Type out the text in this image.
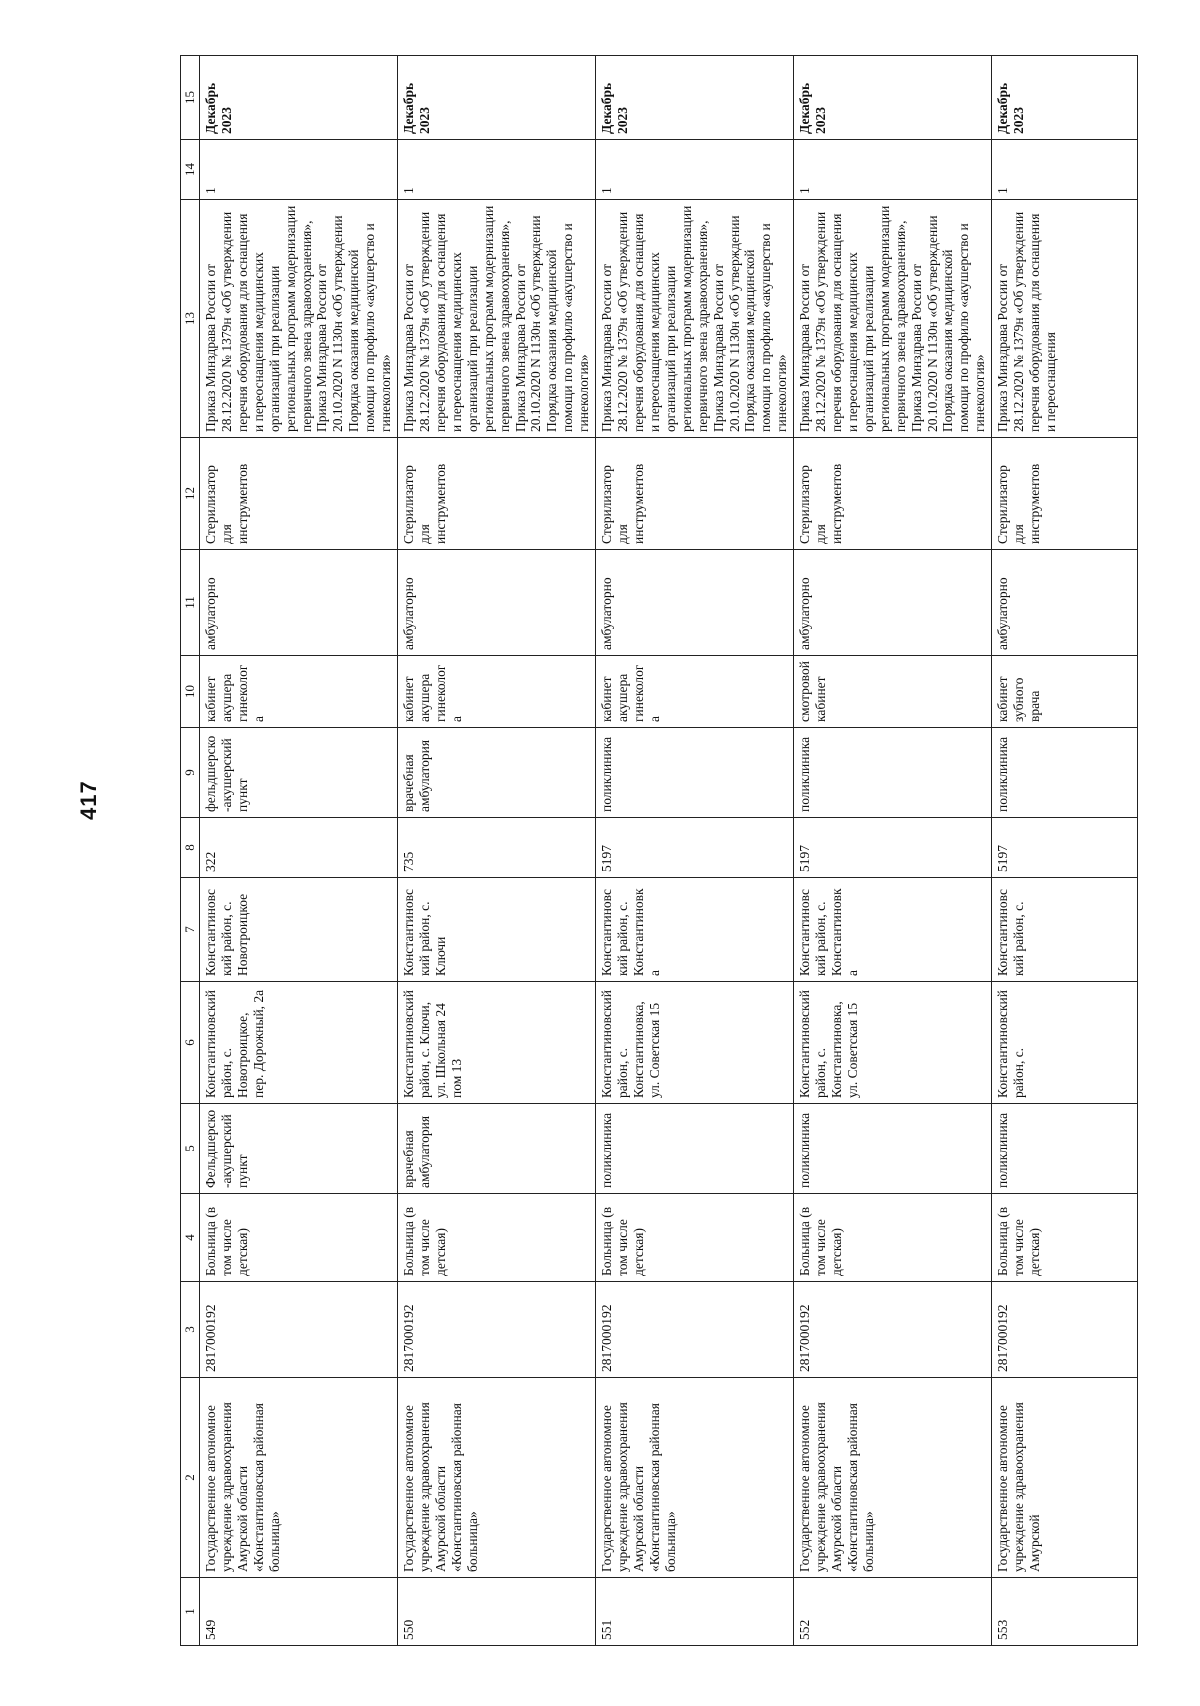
417
1	2	3	4	5	6	7	8	9	10	11	12	13	14	15
549	Государственное автономное учреждение здравоохранения Амурской области «Константиновская районная больница»	2817000192	Больница (в том числе детская)	Фельдшерско-акушерский пункт	Константиновский район, с. Новотроицкое, пер. Дорожный, 2а	Константиновский район, с. Новотроицкое	322	фельдшерско-акушерский пункт	кабинет акушера гинеколога	амбулаторно	Стерилизатор для инструментов	Приказ Минздрава России от 28.12.2020 № 1379н «Об утверждении перечня оборудования для оснащения и переоснащения медицинских организаций при реализации региональных программ модернизации первичного звена здравоохранения», Приказ Минздрава России от 20.10.2020 N 1130н «Об утверждении Порядка оказания медицинской помощи по профилю «акушерство и гинекология»	1	Декабрь 2023
550	Государственное автономное учреждение здравоохранения Амурской области «Константиновская районная больница»	2817000192	Больница (в том числе детская)	врачебная амбулатория	Константиновский район, с. Ключи, ул. Школьная 24 пом 13	Константиновский район, с. Ключи	735	врачебная амбулатория	кабинет акушера гинеколога	амбулаторно	Стерилизатор для инструментов	Приказ Минздрава России от 28.12.2020 № 1379н «Об утверждении перечня оборудования для оснащения и переоснащения медицинских организаций при реализации региональных программ модернизации первичного звена здравоохранения», Приказ Минздрава России от 20.10.2020 N 1130н «Об утверждении Порядка оказания медицинской помощи по профилю «акушерство и гинекология»	1	Декабрь 2023
551	Государственное автономное учреждение здравоохранения Амурской области «Константиновская районная больница»	2817000192	Больница (в том числе детская)	поликлиника	Константиновский район, с. Константиновка, ул. Советская 15	Константиновский район, с. Константиновка	5197	поликлиника	кабинет акушера гинеколога	амбулаторно	Стерилизатор для инструментов	Приказ Минздрава России от 28.12.2020 № 1379н «Об утверждении перечня оборудования для оснащения и переоснащения медицинских организаций при реализации региональных программ модернизации первичного звена здравоохранения», Приказ Минздрава России от 20.10.2020 N 1130н «Об утверждении Порядка оказания медицинской помощи по профилю «акушерство и гинекология»	1	Декабрь 2023
552	Государственное автономное учреждение здравоохранения Амурской области «Константиновская районная больница»	2817000192	Больница (в том числе детская)	поликлиника	Константиновский район, с. Константиновка, ул. Советская 15	Константиновский район, с. Константиновка	5197	поликлиника	смотровой кабинет	амбулаторно	Стерилизатор для инструментов	Приказ Минздрава России от 28.12.2020 № 1379н «Об утверждении перечня оборудования для оснащения и переоснащения медицинских организаций при реализации региональных программ модернизации первичного звена здравоохранения», Приказ Минздрава России от 20.10.2020 N 1130н «Об утверждении Порядка оказания медицинской помощи по профилю «акушерство и гинекология»	1	Декабрь 2023
553	Государственное автономное учреждение здравоохранения Амурской	2817000192	Больница (в том числе детская)	поликлиника	Константиновский район, с.	Константиновский район, с.	5197	поликлиника	кабинет зубного врача	амбулаторно	Стерилизатор для инструментов	Приказ Минздрава России от 28.12.2020 № 1379н «Об утверждении перечня оборудования для оснащения и переоснащения	1	Декабрь 2023
